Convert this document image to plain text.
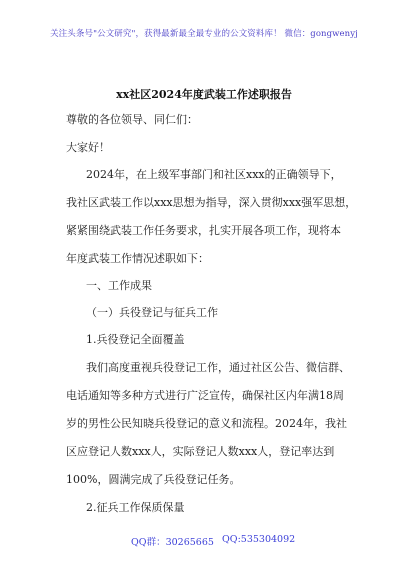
关注头条号"公文研究"，获得最新最全最专业的公文资料库！ 微信：gongwenyj
xx社区2024年度武装工作述职报告
尊敬的各位领导、同仁们：
大家好！
2024年，在上级军事部门和社区xxx的正确领导下，
我社区武装工作以xxx思想为指导，深入贯彻xxx强军思想，
紧紧围绕武装工作任务要求，扎实开展各项工作，现将本
年度武装工作情况述职如下：
一、工作成果
（一）兵役登记与征兵工作
1.兵役登记全面覆盖
我们高度重视兵役登记工作，通过社区公告、微信群、
电话通知等多种方式进行广泛宣传，确保社区内年满18周
岁的男性公民知晓兵役登记的意义和流程。2024年，我社
区应登记人数xxx人，实际登记人数xxx人，登记率达到
100%，圆满完成了兵役登记任务。
2.征兵工作保质保量
QQ群：30265665 QQ:535304092
